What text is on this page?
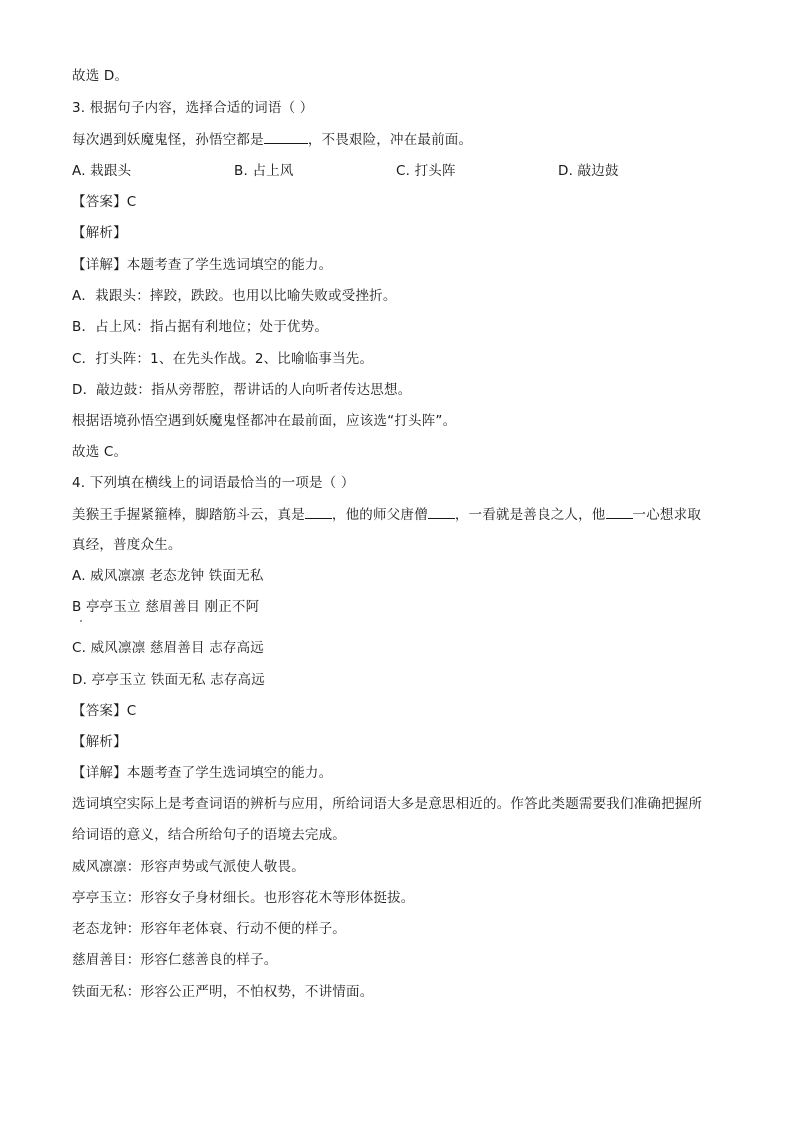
故选 D。
3. 根据句子内容，选择合适的词语（ ）
每次遇到妖魔鬼怪，孙悟空都是	，不畏艰险，冲在最前面。
A. 栽跟头	B. 占上风	C. 打头阵	D. 敲边鼓
【答案】C
【解析】
【详解】本题考查了学生选词填空的能力。
A．栽跟头：摔跤，跌跤。也用以比喻失败或受挫折。
B．占上风：指占据有利地位；处于优势。
C．打头阵：1、在先头作战。2、比喻临事当先。
D．敲边鼓：指从旁帮腔，帮讲话的人向听者传达思想。
根据语境孙悟空遇到妖魔鬼怪都冲在最前面，应该选“打头阵”。
故选 C。
4. 下列填在横线上的词语最恰当的一项是（ ）
美猴王手握紧箍棒，脚踏筋斗云，真是 ，他的师父唐僧 ，一看就是善良之人，他 一心想求取
真经，普度众生。
A. 威风凛凛 老态龙钟 铁面无私
B 亭亭玉立 慈眉善目 刚正不阿
C. 威风凛凛 慈眉善目 志存高远
D. 亭亭玉立 铁面无私 志存高远
【答案】C
【解析】
【详解】本题考查了学生选词填空的能力。
选词填空实际上是考查词语的辨析与应用，所给词语大多是意思相近的。作答此类题需要我们准确把握所
给词语的意义，结合所给句子的语境去完成。
威风凛凛：形容声势或气派使人敬畏。
亭亭玉立：形容女子身材细长。也形容花木等形体挺拔。
老态龙钟：形容年老体衰、行动不便的样子。
慈眉善目：形容仁慈善良的样子。
铁面无私：形容公正严明，不怕权势，不讲情面。
